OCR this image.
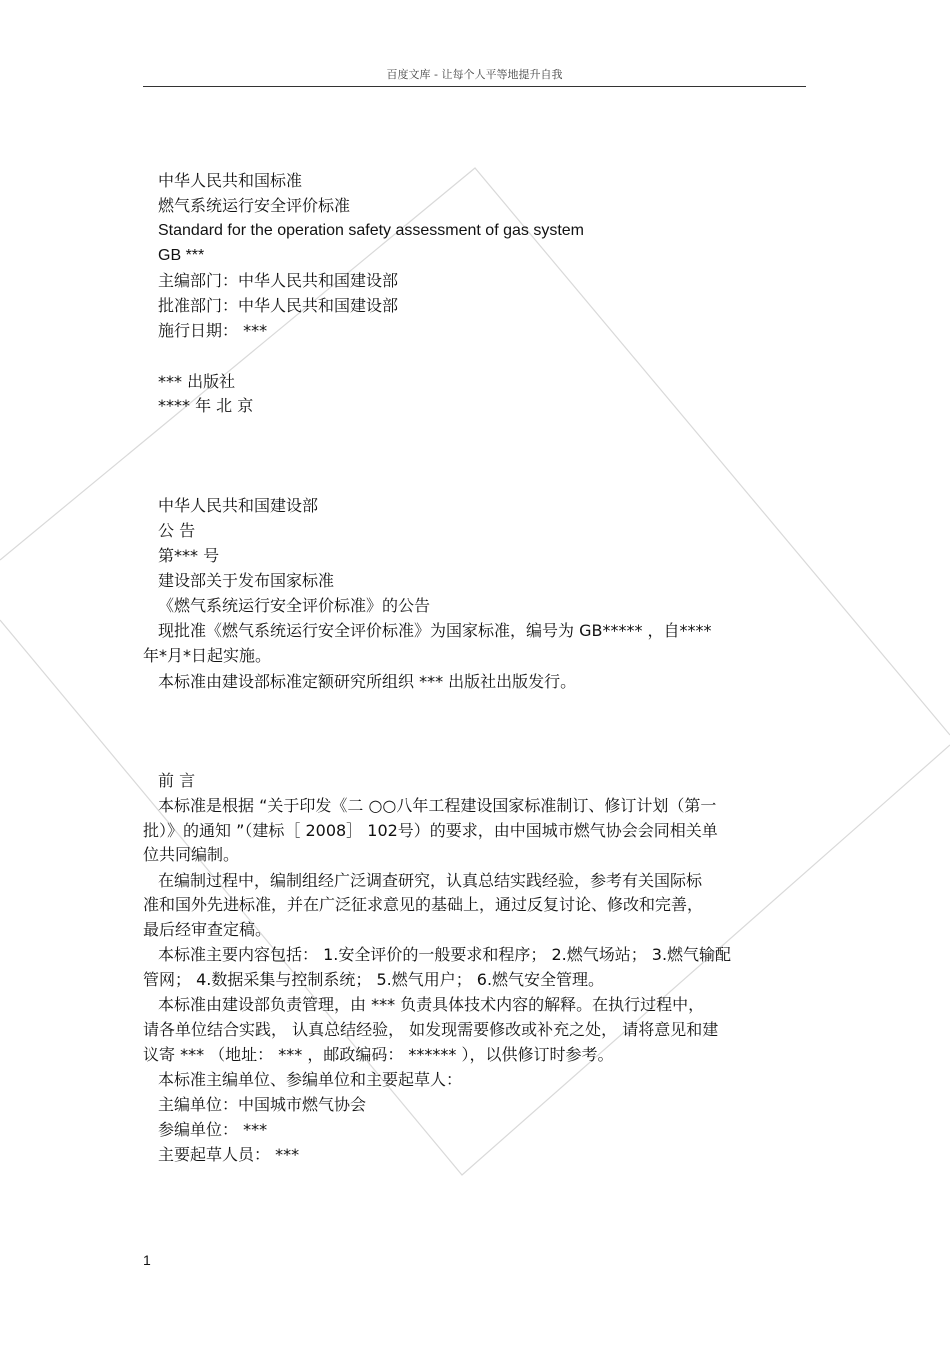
百度文库 - 让每个人平等地提升自我
中华人民共和国标准
燃气系统运行安全评价标准
Standard for the operation safety assessment of gas system
GB ***
主编部门：中华人民共和国建设部
批准部门：中华人民共和国建设部
施行日期： ***
*** 出版社
**** 年 北 京
中华人民共和国建设部
公 告
第*** 号
建设部关于发布国家标准
《燃气系统运行安全评价标准》的公告
现批准《燃气系统运行安全评价标准》为国家标准，编号为 GB***** ，自****
年*月*日起实施。
本标准由建设部标准定额研究所组织 *** 出版社出版发行。
前 言
本标准是根据 “关于印发《二 ○○八年工程建设国家标准制订、修订计划（第一
批）》的通知 ”（建标［ 2008］ 102号）的要求，由中国城市燃气协会会同相关单
位共同编制。
在编制过程中，编制组经广泛调查研究，认真总结实践经验，参考有关国际标
准和国外先进标准，并在广泛征求意见的基础上，通过反复讨论、修改和完善，
最后经审查定稿。
本标准主要内容包括： 1.安全评价的一般要求和程序； 2.燃气场站； 3.燃气输配
管网； 4.数据采集与控制系统； 5.燃气用户； 6.燃气安全管理。
本标准由建设部负责管理，由 *** 负责具体技术内容的解释。在执行过程中，
请各单位结合实践， 认真总结经验， 如发现需要修改或补充之处， 请将意见和建
议寄 *** （地址： *** ，邮政编码： ****** ），以供修订时参考。
本标准主编单位、参编单位和主要起草人：
主编单位：中国城市燃气协会
参编单位： ***
主要起草人员： ***
1
